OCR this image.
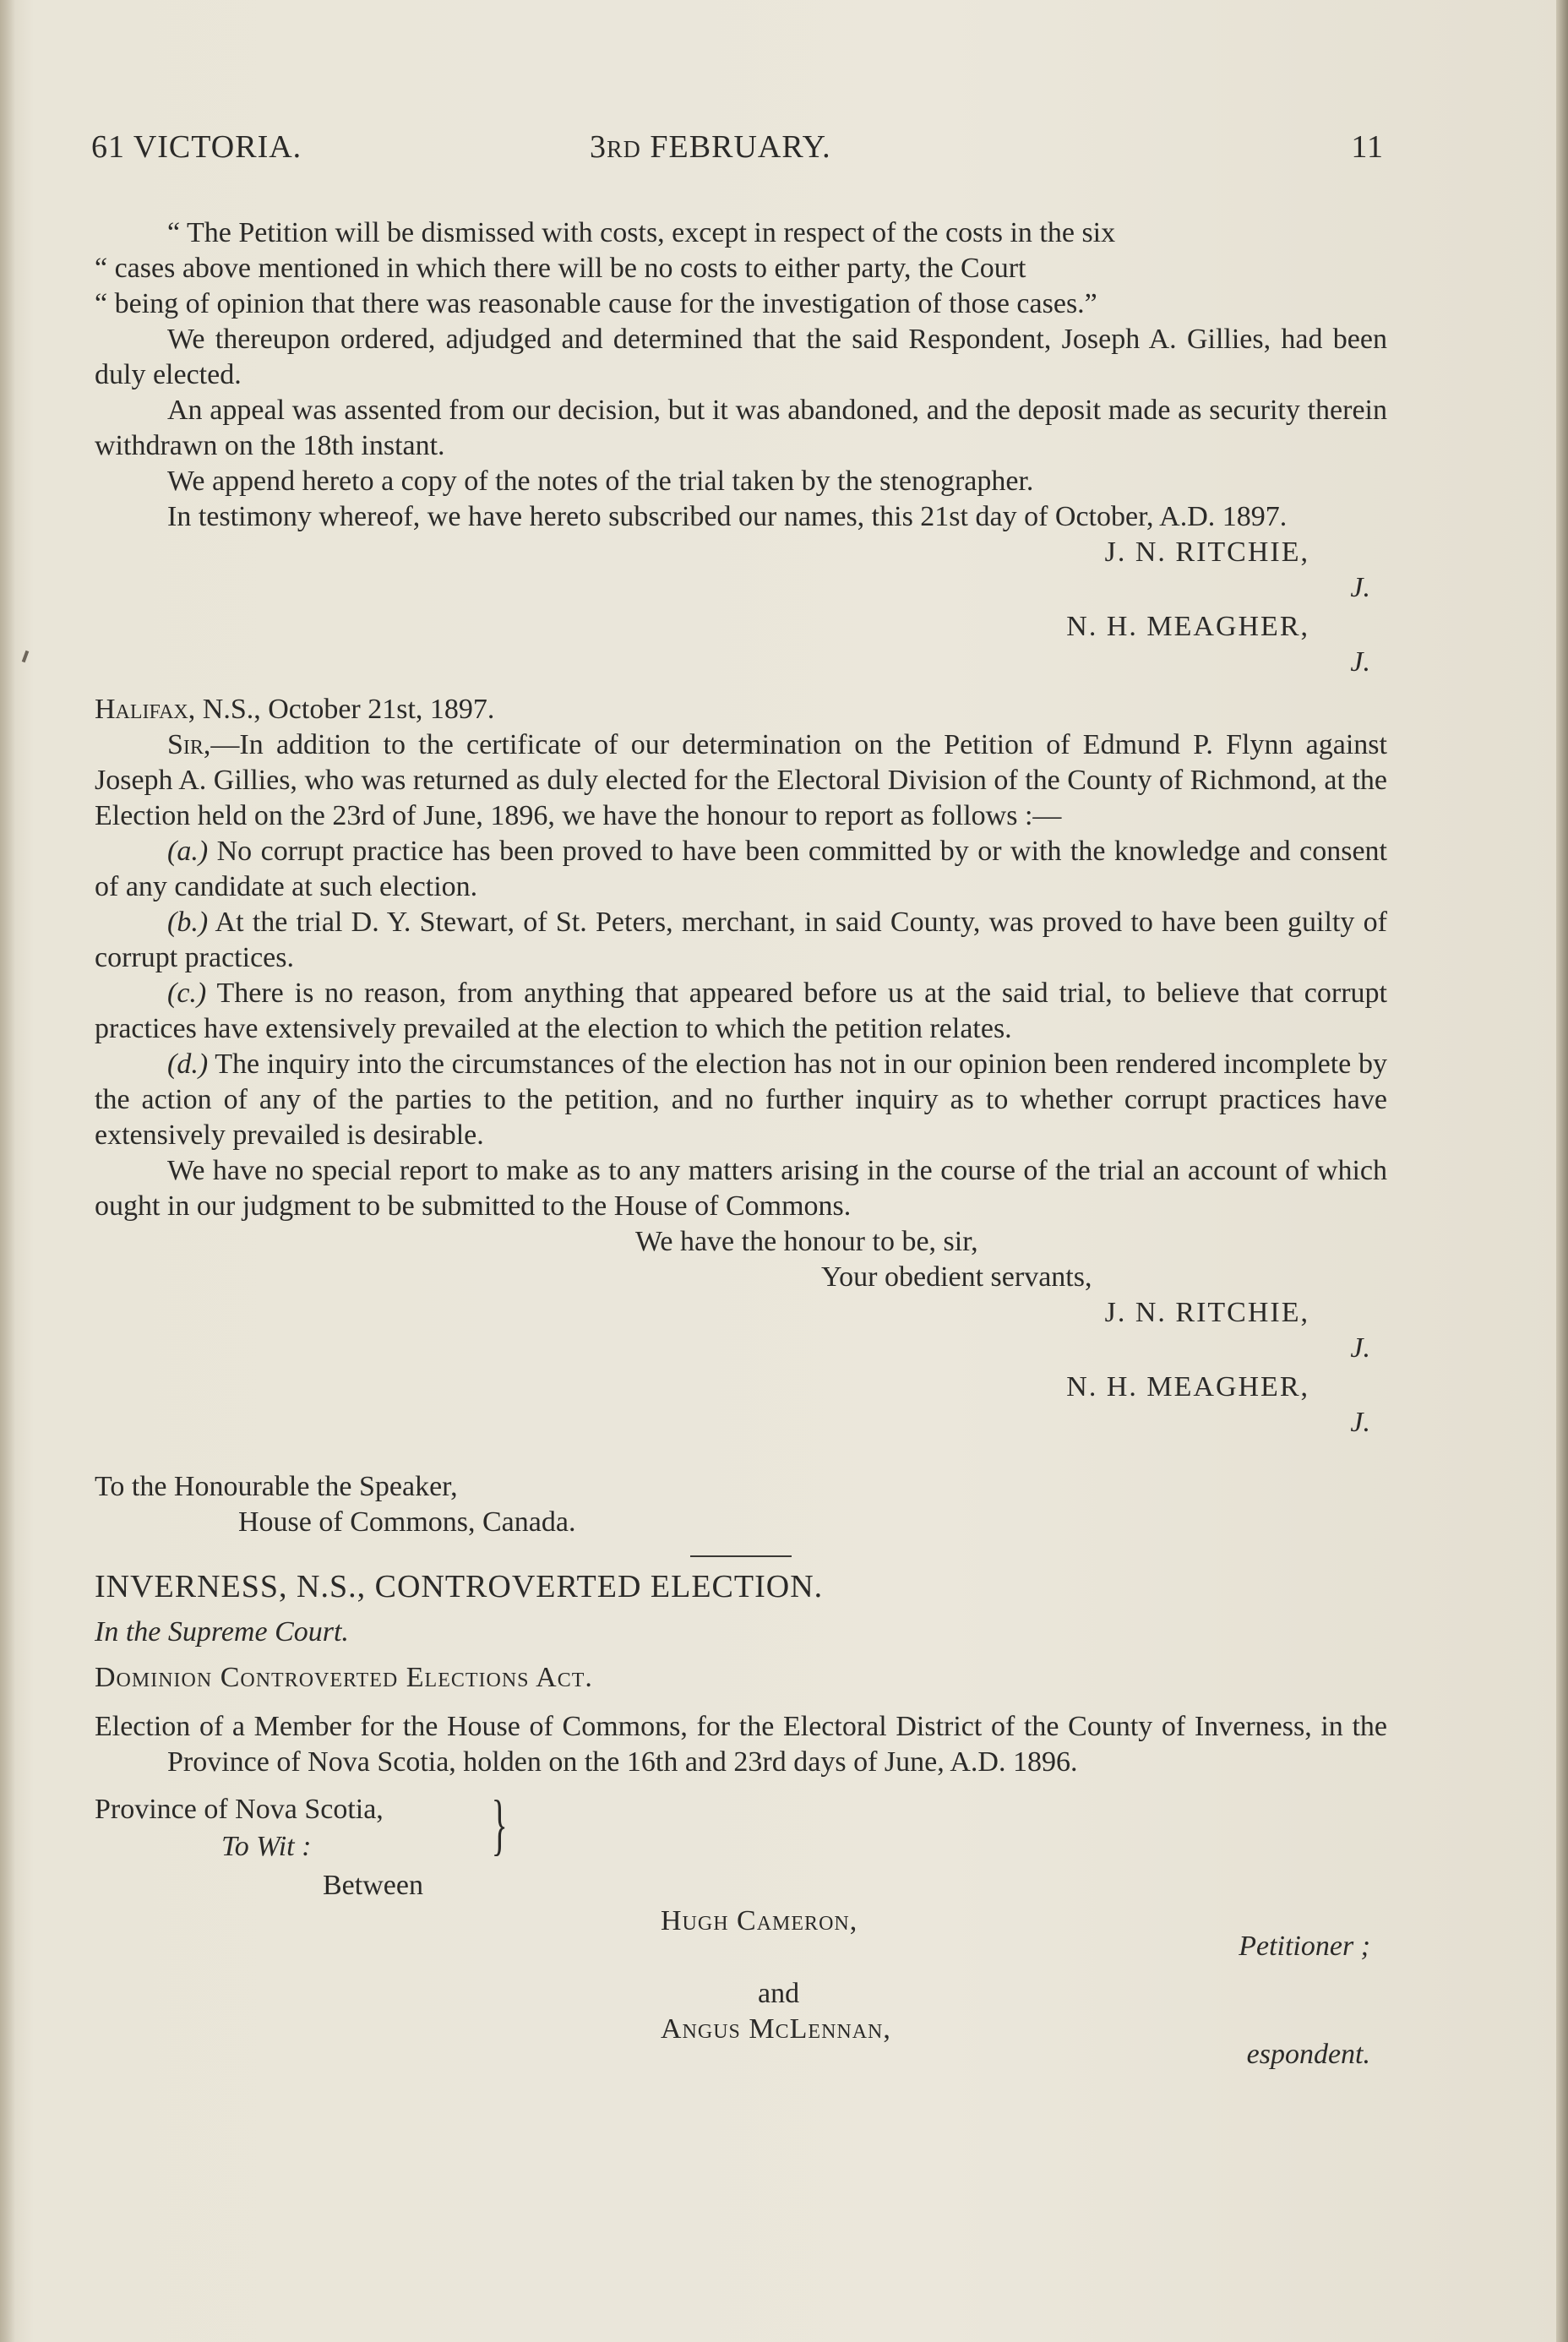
61 VICTORIA.	3RD FEBRUARY.	11

“ The Petition will be dismissed with costs, except in respect of the costs in the six

“ cases above mentioned in which there will be no costs to either party, the Court

“ being of opinion that there was reasonable cause for the investigation of those cases.”

We thereupon ordered, adjudged and determined that the said Respondent, Joseph A. Gillies, had been duly elected.

An appeal was assented from our decision, but it was abandoned, and the deposit made as security therein withdrawn on the 18th instant.

We append hereto a copy of the notes of the trial taken by the stenographer.

In testimony whereof, we have hereto subscribed our names, this 21st day of October, A.D. 1897.

J. N. RITCHIE,
J.
N. H. MEAGHER,
J.

Halifax, N.S., October 21st, 1897.

Sir,—In addition to the certificate of our determination on the Petition of Edmund P. Flynn against Joseph A. Gillies, who was returned as duly elected for the Electoral Division of the County of Richmond, at the Election held on the 23rd of June, 1896, we have the honour to report as follows :—

(a.) No corrupt practice has been proved to have been committed by or with the knowledge and consent of any candidate at such election.

(b.) At the trial D. Y. Stewart, of St. Peters, merchant, in said County, was proved to have been guilty of corrupt practices.

(c.) There is no reason, from anything that appeared before us at the said trial, to believe that corrupt practices have extensively prevailed at the election to which the petition relates.

(d.) The inquiry into the circumstances of the election has not in our opinion been rendered incomplete by the action of any of the parties to the petition, and no further inquiry as to whether corrupt practices have extensively prevailed is desirable.

We have no special report to make as to any matters arising in the course of the trial an account of which ought in our judgment to be submitted to the House of Commons.

We have the honour to be, sir,

Your obedient servants,

J. N. RITCHIE,
J.
N. H. MEAGHER,
J.

To the Honourable the Speaker,

House of Commons, Canada.

INVERNESS, N.S., CONTROVERTED ELECTION.

In the Supreme Court.

Dominion Controverted Elections Act.

Election of a Member for the House of Commons, for the Electoral District of the County of Inverness, in the Province of Nova Scotia, holden on the 16th and 23rd days of June, A.D. 1896.

Province of Nova Scotia,
To Wit :	}

Between

Hugh Cameron,
Petitioner ;

and

Angus McLennan,
espondent.
